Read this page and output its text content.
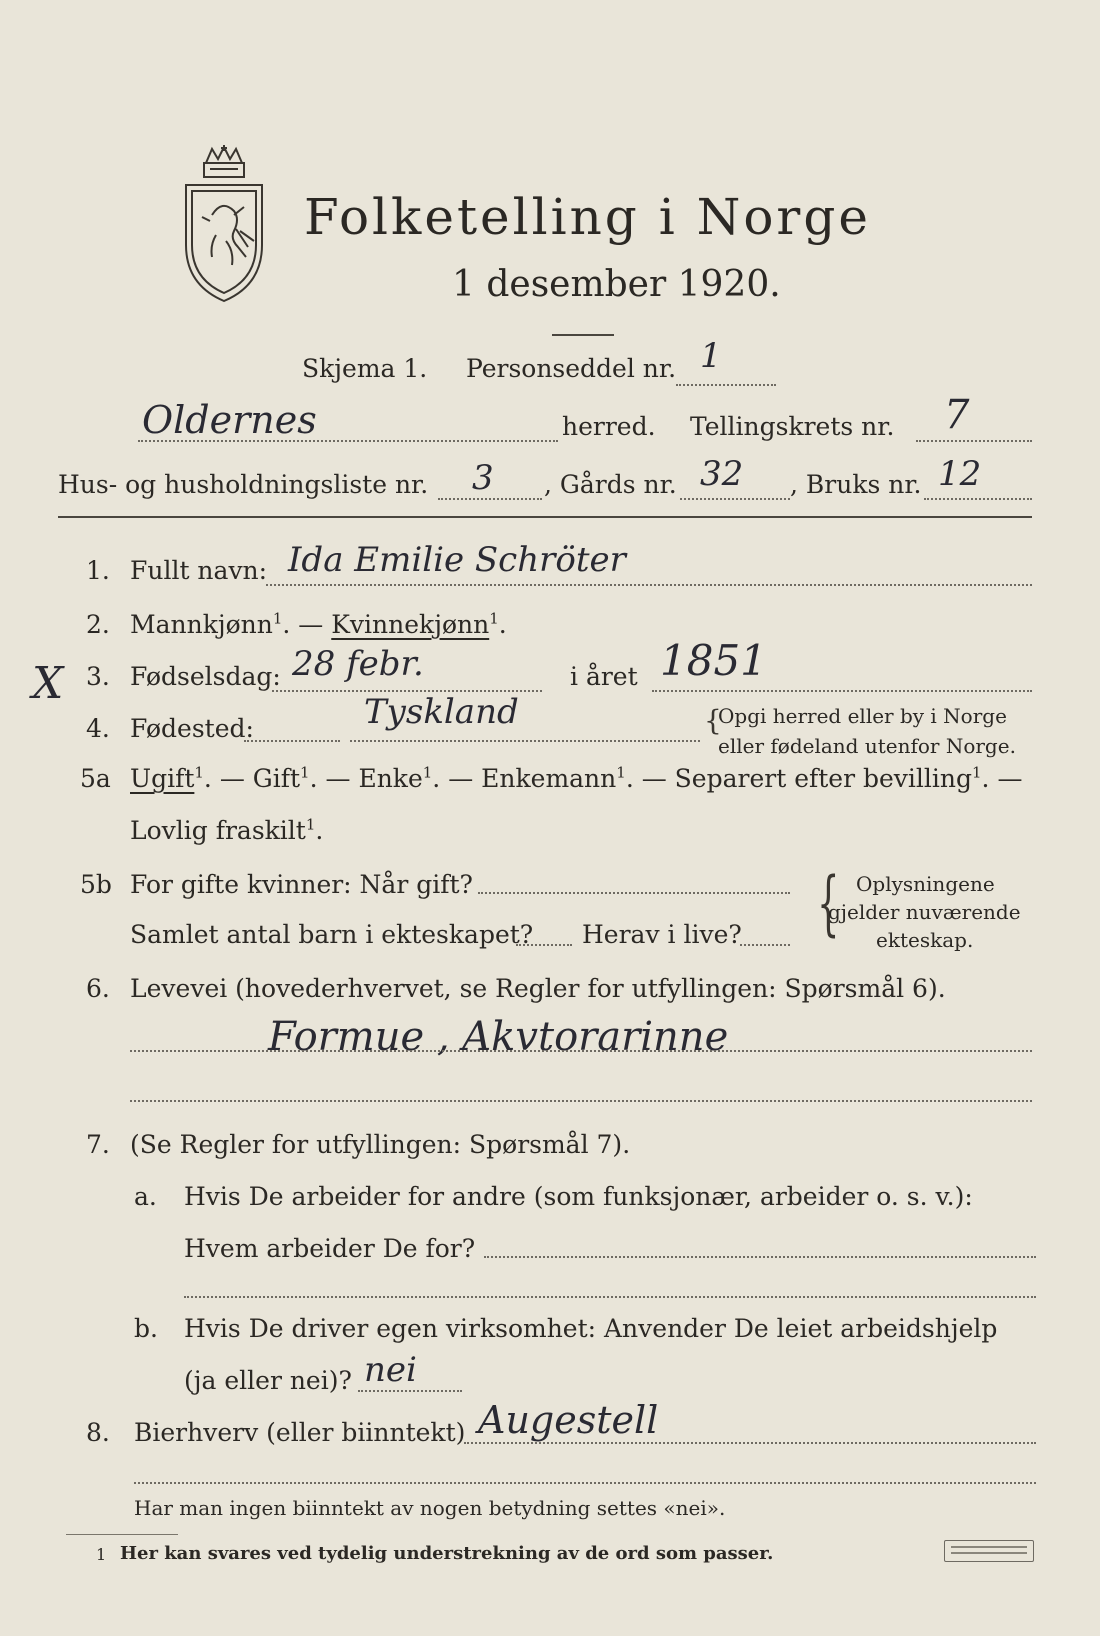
Folketelling i Norge
1 desember 1920.
Skjema 1. Personseddel nr. 1
Oldernes	herred. Tellingskrets nr. 7
Hus- og husholdningsliste nr. 3 , Gårds nr. 32 , Bruks nr. 12
1. Fullt navn: Ida Emilie Schröter
2. Mannkjønn$^1$. — Kvinnekjønn$^1$.
X 3. Fødselsdag: 28 febr.	i året 1851
4. Fødested:	Tyskland	{
Opgi herred eller by i Norge
eller fødeland utenfor Norge.
5a Ugift$^1$. — Gift$^1$. — Enke$^1$. — Enkemann$^1$. — Separert efter bevilling$^1$. —
Lovlig fraskilt$^1$.
5b For gifte kvinner: Når gift?
Samlet antal barn i ekteskapet? Herav i live? { Oplysningene
gjelder nuværende
ekteskap.
6. Levevei (hovederhvervet, se Regler for utfyllingen: Spørsmål 6).
Formue , Akvtorarinne
7. (Se Regler for utfyllingen: Spørsmål 7).
a. Hvis De arbeider for andre (som funksjonær, arbeider o. s. v.):
Hvem arbeider De for?
b. Hvis De driver egen virksomhet: Anvender De leiet arbeidshjelp
(ja eller nei)? nei
8. Bierhverv (eller biinntekt) Augestell
Har man ingen biinntekt av nogen betydning settes «nei».
1 Her kan svares ved tydelig understrekning av de ord som passer.
